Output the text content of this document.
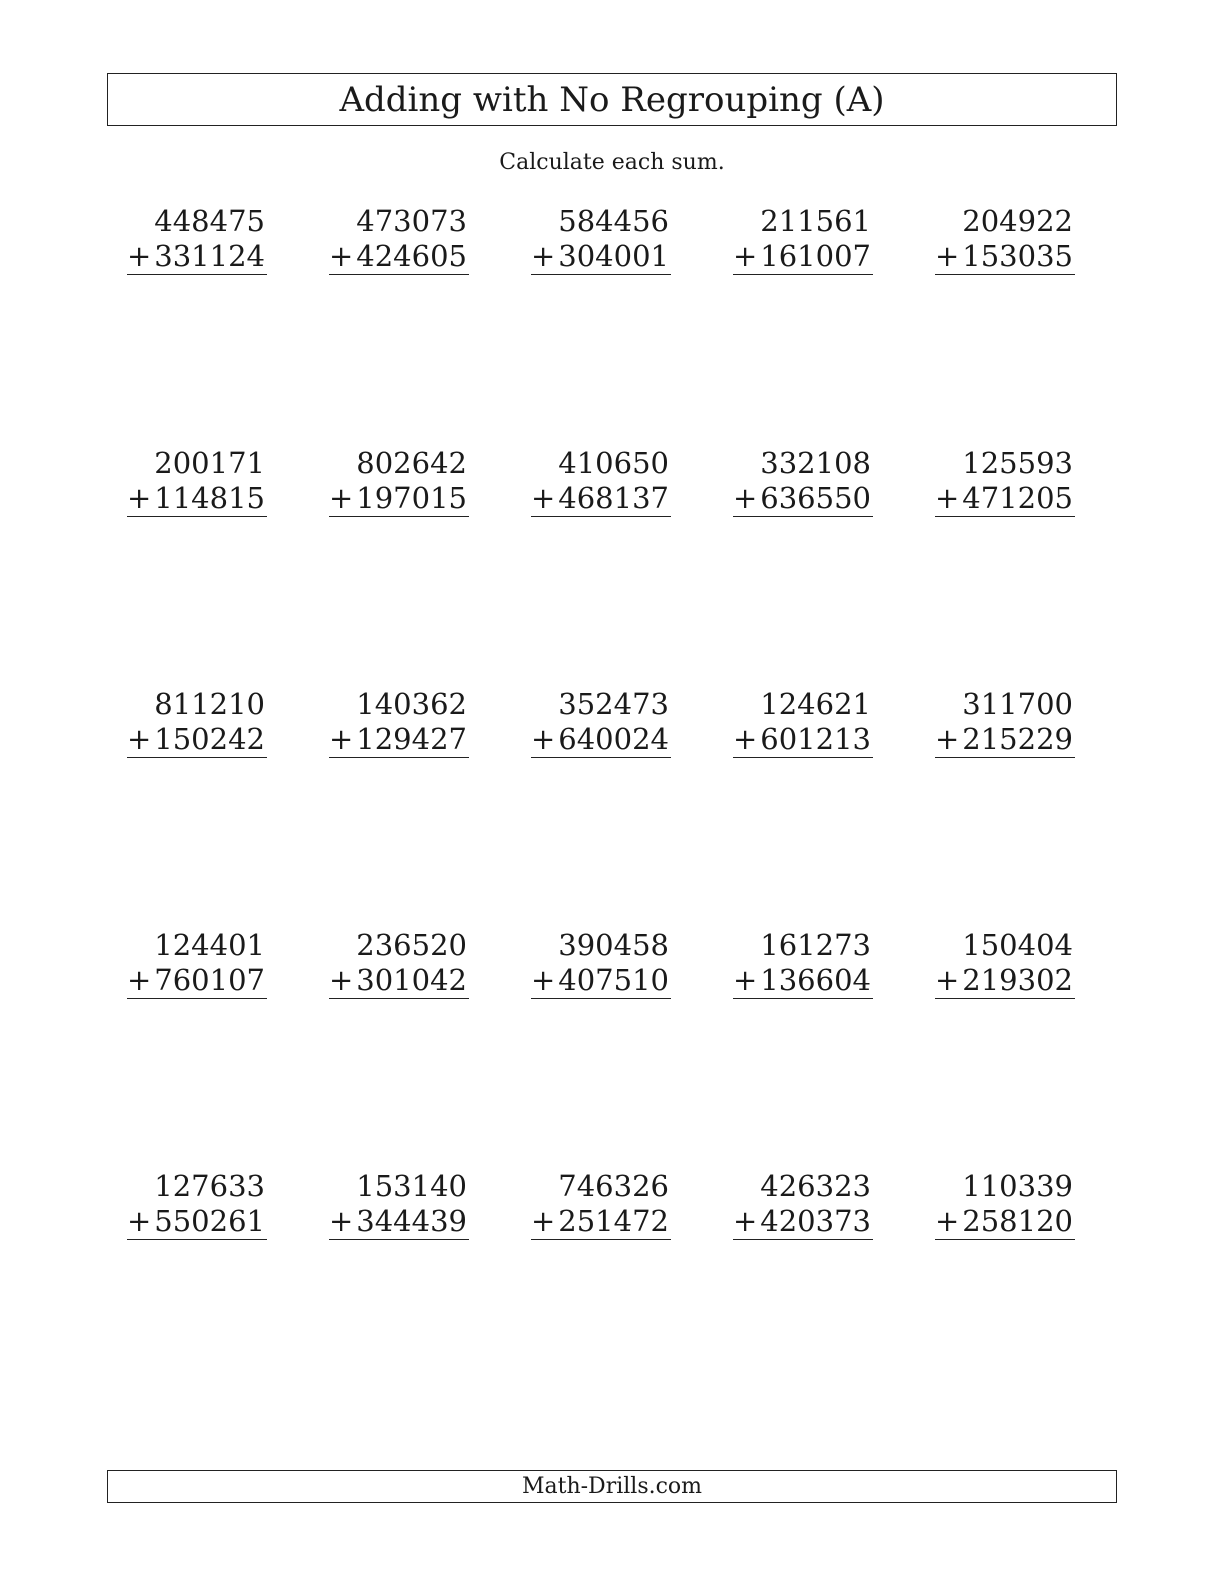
Adding with No Regrouping (A)
Calculate each sum.
448475
+ 331124
473073
+ 424605
584456
+ 304001
211561
+ 161007
204922
+ 153035
200171
+ 114815
802642
+ 197015
410650
+ 468137
332108
+ 636550
125593
+ 471205
811210
+ 150242
140362
+ 129427
352473
+ 640024
124621
+ 601213
311700
+ 215229
124401
+ 760107
236520
+ 301042
390458
+ 407510
161273
+ 136604
150404
+ 219302
127633
+ 550261
153140
+ 344439
746326
+ 251472
426323
+ 420373
110339
+ 258120
Math-Drills.com
